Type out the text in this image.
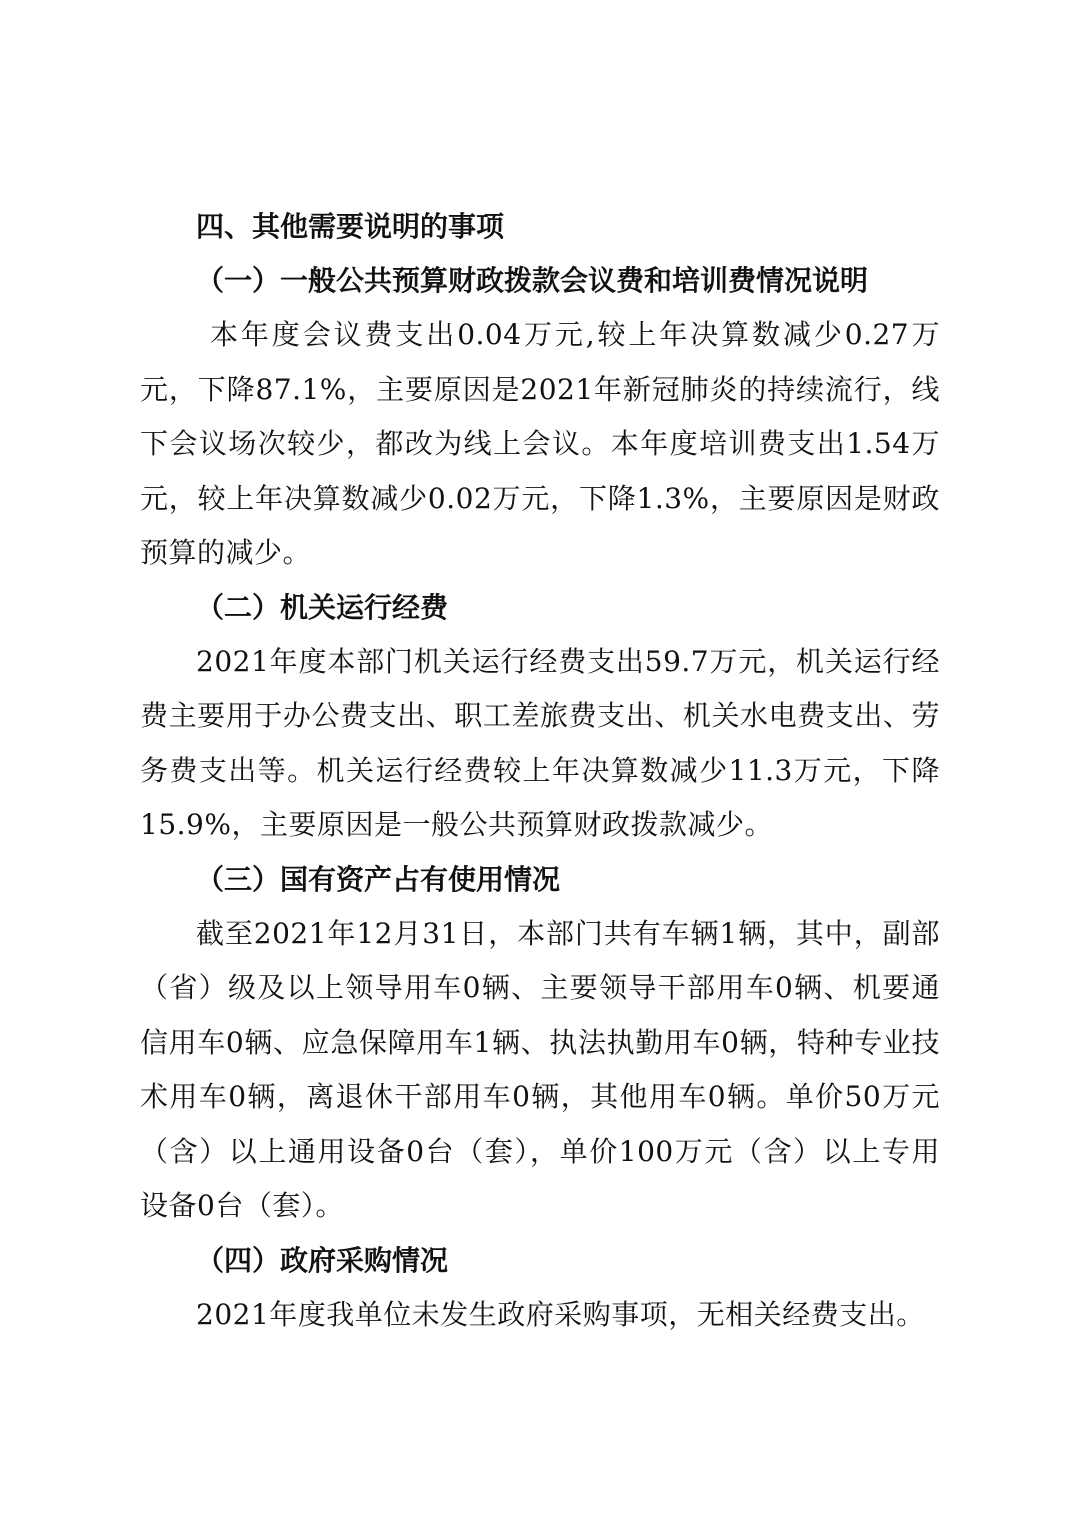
四、其他需要说明的事项

（一）一般公共预算财政拨款会议费和培训费情况说明

本年度会议费支出0.04万元,较上年决算数减少0.27万元，下降87.1%，主要原因是2021年新冠肺炎的持续流行，线下会议场次较少，都改为线上会议。本年度培训费支出1.54万元，较上年决算数减少0.02万元，下降1.3%，主要原因是财政预算的减少。

（二）机关运行经费

2021年度本部门机关运行经费支出59.7万元，机关运行经费主要用于办公费支出、职工差旅费支出、机关水电费支出、劳务费支出等。机关运行经费较上年决算数减少11.3万元，下降15.9%，主要原因是一般公共预算财政拨款减少。

（三）国有资产占有使用情况

截至2021年12月31日，本部门共有车辆1辆，其中，副部（省）级及以上领导用车0辆、主要领导干部用车0辆、机要通信用车0辆、应急保障用车1辆、执法执勤用车0辆，特种专业技术用车0辆，离退休干部用车0辆，其他用车0辆。单价50万元（含）以上通用设备0台（套），单价100万元（含）以上专用设备0台（套）。

（四）政府采购情况

2021年度我单位未发生政府采购事项，无相关经费支出。
